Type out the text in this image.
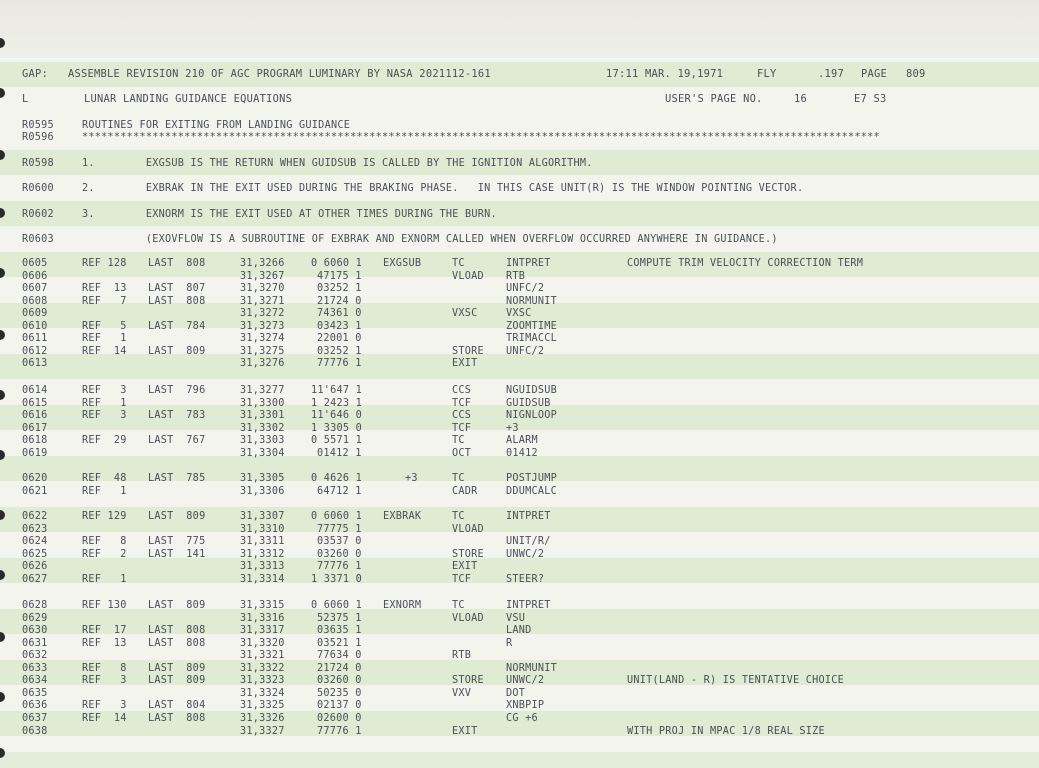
GAP:

ASSEMBLE REVISION 210 OF AGC PROGRAM LUMINARY BY NASA 2021112-161

	17:11 MAR. 19,1971

	FLY

	.197

PAGE

809

L

	LUNAR LANDING GUIDANCE EQUATIONS

	USER'S PAGE NO.

	16

	E7 S3

R0595	ROUTINES FOR EXITING FROM LANDING GUIDANCE
R0596	*****************************************************************************************************************************
R0598	1.        EXGSUB IS THE RETURN WHEN GUIDSUB IS CALLED BY THE IGNITION ALGORITHM.
R0600	2.        EXBRAK IN THE EXIT USED DURING THE BRAKING PHASE.   IN THIS CASE UNIT(R) IS THE WINDOW POINTING VECTOR.
R0602	3.        EXNORM IS THE EXIT USED AT OTHER TIMES DURING THE BURN.
R0603	(EXOVFLOW IS A SUBROUTINE OF EXBRAK AND EXNORM CALLED WHEN OVERFLOW OCCURRED ANYWHERE IN GUIDANCE.)
0605	REF 128 LAST  808	31,3266	0 6060 1 EXGSUB	TC	INTPRET	COMPUTE TRIM VELOCITY CORRECTION TERM
0606	31,3267	47175 1	VLOAD RTB
0607	REF  13 LAST  807	31,3270	03252 1	UNFC/2
0608	REF   7 LAST  808	31,3271	21724 0	NORMUNIT
0609	31,3272	74361 0	VXSC	VXSC
0610	REF   5 LAST  784	31,3273	03423 1	ZOOMTIME
0611	REF   1	31,3274	22001 0	TRIMACCL
0612	REF  14 LAST  809	31,3275	03252 1	STORE UNFC/2
0613	31,3276	77776 1	EXIT
0614	REF   3 LAST  796	31,3277	11'647 1	CCS	NGUIDSUB
0615	REF   1	31,3300	1 2423 1	TCF	GUIDSUB
0616	REF   3 LAST  783	31,3301	11'646 0	CCS	NIGNLOOP
0617	31,3302	1 3305 0	TCF	+3
0618	REF  29 LAST  767	31,3303	0 5571 1	TC	ALARM
0619	31,3304	01412 1	OCT	01412
0620	REF  48 LAST  785	31,3305	0 4626 1	+3	TC	POSTJUMP
0621	REF   1	31,3306	64712 1	CADR	DDUMCALC
0622	REF 129 LAST  809	31,3307	0 6060 1 EXBRAK	TC	INTPRET
0623	31,3310	77775 1	VLOAD
0624	REF   8 LAST  775	31,3311	03537 0	UNIT/R/
0625	REF   2 LAST  141	31,3312	03260 0	STORE UNWC/2
0626	31,3313	77776 1	EXIT
0627	REF   1	31,3314	1 3371 0	TCF	STEER?
0628	REF 130 LAST  809	31,3315	0 6060 1 EXNORM	TC	INTPRET
0629	31,3316	52375 1	VLOAD VSU
0630	REF  17 LAST  808	31,3317	03635 1	LAND
0631	REF  13 LAST  808	31,3320	03521 1	R
0632	31,3321	77634 0	RTB
0633	REF   8 LAST  809	31,3322	21724 0	NORMUNIT
0634	REF   3 LAST  809	31,3323	03260 0	STORE UNWC/2	UNIT(LAND - R) IS TENTATIVE CHOICE
0635	31,3324	50235 0	VXV	DOT
0636	REF   3 LAST  804	31,3325	02137 0	XNBPIP
0637	REF  14 LAST  808	31,3326	02600 0	CG +6
0638	31,3327	77776 1	EXIT	WITH PROJ IN MPAC 1/8 REAL SIZE
